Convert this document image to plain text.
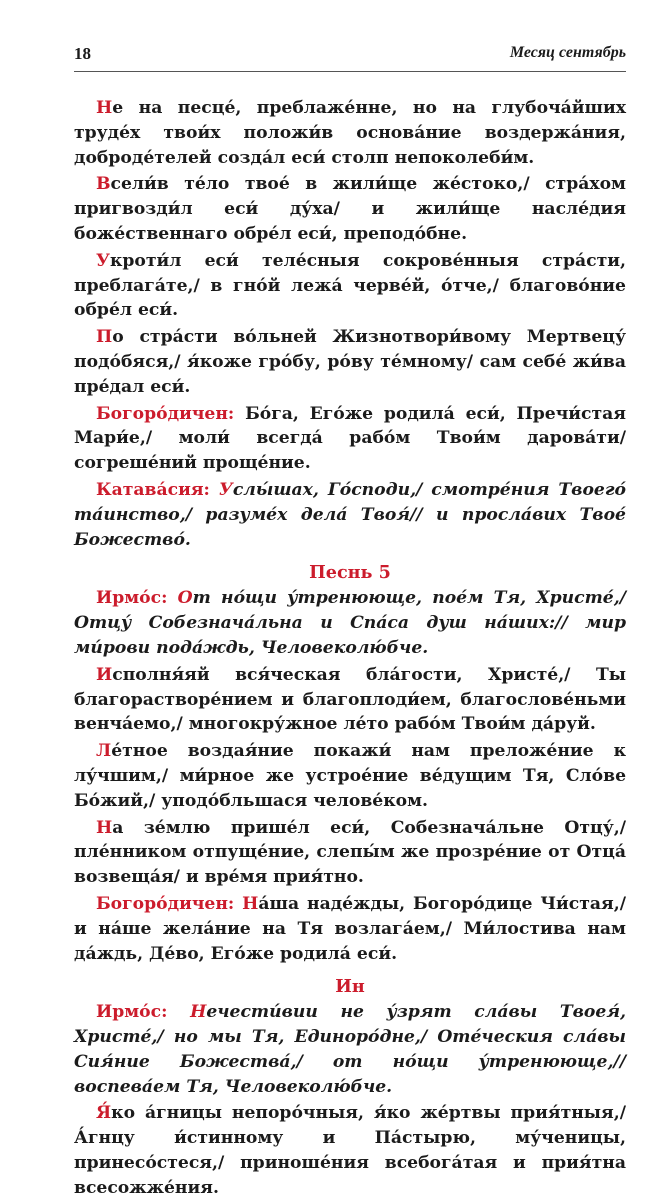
18	Месяц сентябрь

Не на песце́, преблаже́нне, но на глубоча́йших труде́х твои́х положи́в основа́ние воздержа́ния, доброде́телей созда́л еси́ столп непоколеби́м.

Всели́в те́ло твое́ в жили́ще же́стоко,/ стра́хом пригвозди́л еси́ ду́ха/ и жили́ще насле́дия боже́ственнаго обре́л еси́, преподо́бне.

Укрoти́л еси́ теле́сныя сокрове́нныя стра́сти, преблага́те,/ в гно́й лежа́ черве́й, о́тче,/ благово́ние обре́л еси́.

По стра́сти во́льней Жизнотвори́вому Мертвецу́ подо́бяся,/ я́коже гро́бу, ро́ву те́мному/ сам себе́ жи́ва пре́дал еси́.

Богоро́дичен: Бо́га, Его́же родила́ еси́, Пречи́стая Мари́е,/ моли́ всегда́ рабо́м Твои́м дарова́ти/ согреше́ний проще́ние.

Катава́сия: Услы́шах, Го́споди,/ смотре́ния Твоего́ та́инство,/ разуме́х дела́ Твоя́// и просла́вих Твое́ Божество́.

Песнь 5

Ирмо́с: От но́щи у́тренююще, пое́м Тя, Христе́,/ Отцу́ Собезнача́льна и Спа́са душ на́ших:// мир ми́рови пода́ждь, Человеколю́бче.

Исполня́яй вся́ческая бла́гости, Христе́,/ Ты благорастворе́нием и благоплоди́ем, благослове́ньми венча́емо,/ многокру́жное ле́то рабо́м Твои́м да́руй.

Ле́тное воздая́ние покажи́ нам преложе́ние к лу́чшим,/ ми́рное же устрое́ние ве́дущим Тя, Сло́ве Бо́жий,/ уподо́бльшася челове́ком.

На зе́млю прише́л еси́, Собезнача́льне Отцу́,/ пле́нником отпуще́ние, слепы́м же прозре́ние от Отца́ возвеща́я/ и вре́мя прия́тно.

Богоро́дичен: На́ша наде́жды, Богоро́дице Чи́стая,/ и на́ше жела́ние на Тя возлага́ем,/ Ми́лостива нам да́ждь, Де́во, Его́же родила́ еси́.

Ин

Ирмо́с: Нечести́вии не у́зрят сла́вы Твоея́, Христе́,/ но мы Тя, Единоро́дне,/ Оте́ческия сла́вы Сия́ние Божества́,/ от но́щи у́тренююще,// воспева́ем Тя, Человеколю́бче.

Я́ко а́гницы непоро́чныя, я́ко же́ртвы прия́тныя,/ А́гнцу и́стинному и Па́стырю, му́ченицы, принесо́стеся,/ приноше́ния всебога́тая и прия́тна всесожже́ния.
